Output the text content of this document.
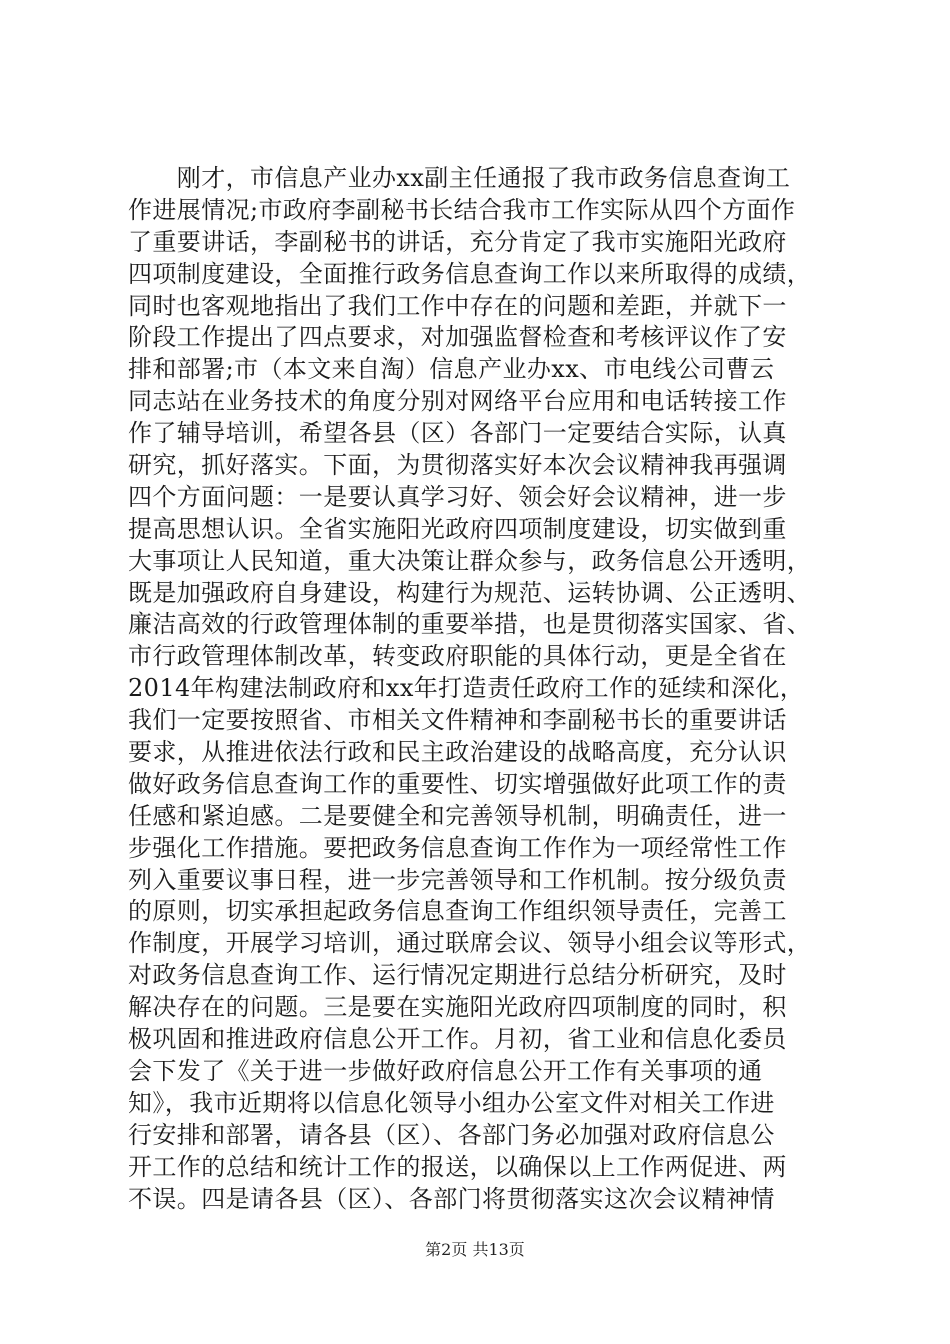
　　刚才，市信息产业办xx副主任通报了我市政务信息查询工
作进展情况;市政府李副秘书长结合我市工作实际从四个方面作
了重要讲话，李副秘书的讲话，充分肯定了我市实施阳光政府
四项制度建设，全面推行政务信息查询工作以来所取得的成绩，
同时也客观地指出了我们工作中存在的问题和差距，并就下一
阶段工作提出了四点要求，对加强监督检查和考核评议作了安
排和部署;市（本文来自淘）信息产业办xx、市电线公司曹云
同志站在业务技术的角度分别对网络平台应用和电话转接工作
作了辅导培训，希望各县（区）各部门一定要结合实际，认真
研究，抓好落实。下面，为贯彻落实好本次会议精神我再强调
四个方面问题：一是要认真学习好、领会好会议精神，进一步
提高思想认识。全省实施阳光政府四项制度建设，切实做到重
大事项让人民知道，重大决策让群众参与，政务信息公开透明，
既是加强政府自身建设，构建行为规范、运转协调、公正透明、
廉洁高效的行政管理体制的重要举措，也是贯彻落实国家、省、
市行政管理体制改革，转变政府职能的具体行动，更是全省在
2014年构建法制政府和xx年打造责任政府工作的延续和深化，
我们一定要按照省、市相关文件精神和李副秘书长的重要讲话
要求，从推进依法行政和民主政治建设的战略高度，充分认识
做好政务信息查询工作的重要性、切实增强做好此项工作的责
任感和紧迫感。二是要健全和完善领导机制，明确责任，进一
步强化工作措施。要把政务信息查询工作作为一项经常性工作
列入重要议事日程，进一步完善领导和工作机制。按分级负责
的原则，切实承担起政务信息查询工作组织领导责任，完善工
作制度，开展学习培训，通过联席会议、领导小组会议等形式，
对政务信息查询工作、运行情况定期进行总结分析研究，及时
解决存在的问题。三是要在实施阳光政府四项制度的同时，积
极巩固和推进政府信息公开工作。月初，省工业和信息化委员
会下发了《关于进一步做好政府信息公开工作有关事项的通
知》，我市近期将以信息化领导小组办公室文件对相关工作进
行安排和部署，请各县（区）、各部门务必加强对政府信息公
开工作的总结和统计工作的报送，以确保以上工作两促进、两
不误。四是请各县（区）、各部门将贯彻落实这次会议精神情
第2页 共13页
